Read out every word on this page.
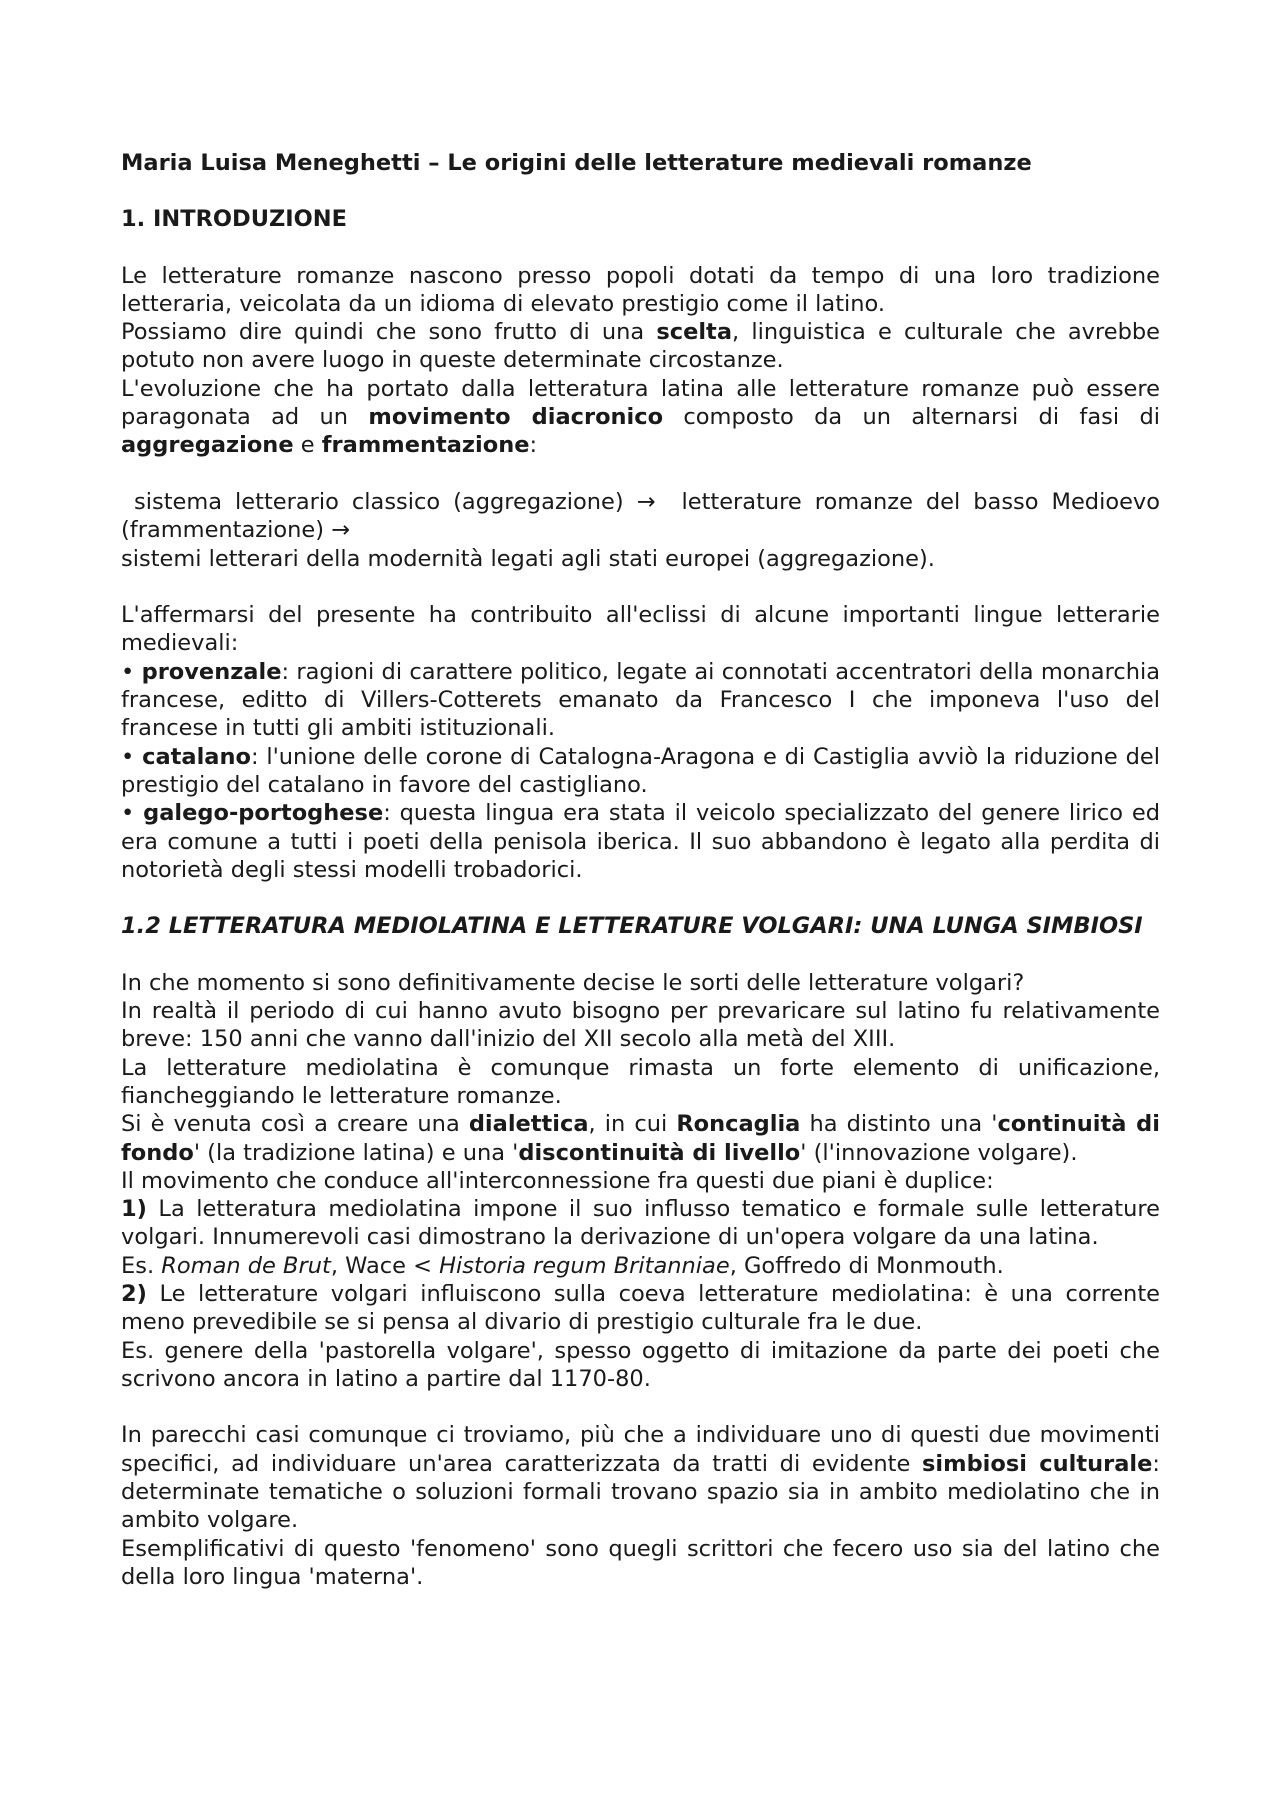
Maria Luisa Meneghetti – Le origini delle letterature medievali romanze

1. INTRODUZIONE

Le letterature romanze nascono presso popoli dotati da tempo di una loro tradizione letteraria, veicolata da un idioma di elevato prestigio come il latino.

Possiamo dire quindi che sono frutto di una scelta, linguistica e culturale che avrebbe potuto non avere luogo in queste determinate circostanze.

L'evoluzione che ha portato dalla letteratura latina alle letterature romanze può essere paragonata ad un movimento diacronico composto da un alternarsi di fasi di aggregazione e frammentazione:

sistema letterario classico (aggregazione) →  letterature romanze del basso Medioevo (frammentazione) →

sistemi letterari della modernità legati agli stati europei (aggregazione).

L'affermarsi del presente ha contribuito all'eclissi di alcune importanti lingue letterarie medievali:

• provenzale: ragioni di carattere politico, legate ai connotati accentratori della monarchia francese, editto di Villers-Cotterets emanato da Francesco I che imponeva l'uso del francese in tutti gli ambiti istituzionali.

• catalano: l'unione delle corone di Catalogna-Aragona e di Castiglia avviò la riduzione del prestigio del catalano in favore del castigliano.

• galego-portoghese: questa lingua era stata il veicolo specializzato del genere lirico ed era comune a tutti i poeti della penisola iberica. Il suo abbandono è legato alla perdita di notorietà degli stessi modelli trobadorici.

1.2 LETTERATURA MEDIOLATINA E LETTERATURE VOLGARI: UNA LUNGA SIMBIOSI

In che momento si sono definitivamente decise le sorti delle letterature volgari?

In realtà il periodo di cui hanno avuto bisogno per prevaricare sul latino fu relativamente breve: 150 anni che vanno dall'inizio del XII secolo alla metà del XIII.

La letterature mediolatina è comunque rimasta un forte elemento di unificazione, fiancheggiando le letterature romanze.

Si è venuta così a creare una dialettica, in cui Roncaglia ha distinto una 'continuità di fondo' (la tradizione latina) e una 'discontinuità di livello' (l'innovazione volgare).

Il movimento che conduce all'interconnessione fra questi due piani è duplice:

1) La letteratura mediolatina impone il suo influsso tematico e formale sulle letterature volgari. Innumerevoli casi dimostrano la derivazione di un'opera volgare da una latina.

Es. Roman de Brut, Wace < Historia regum Britanniae, Goffredo di Monmouth.

2) Le letterature volgari influiscono sulla coeva letterature mediolatina: è una corrente meno prevedibile se si pensa al divario di prestigio culturale fra le due.

Es. genere della 'pastorella volgare', spesso oggetto di imitazione da parte dei poeti che scrivono ancora in latino a partire dal 1170-80.

In parecchi casi comunque ci troviamo, più che a individuare uno di questi due movimenti specifici, ad individuare un'area caratterizzata da tratti di evidente simbiosi culturale: determinate tematiche o soluzioni formali trovano spazio sia in ambito mediolatino che in ambito volgare.

Esemplificativi di questo 'fenomeno' sono quegli scrittori che fecero uso sia del latino che della loro lingua 'materna'.
